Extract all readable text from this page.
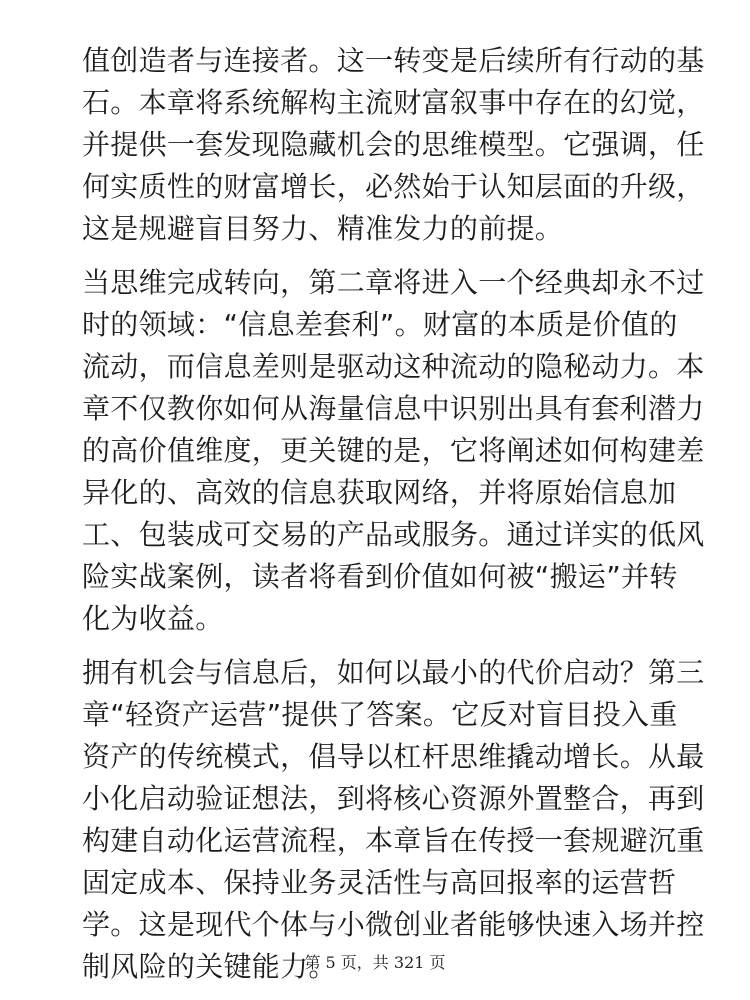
值创造者与连接者。这一转变是后续所有行动的基
石。本章将系统解构主流财富叙事中存在的幻觉，
并提供一套发现隐藏机会的思维模型。它强调，任
何实质性的财富增长，必然始于认知层面的升级，
这是规避盲目努力、精准发力的前提。

当思维完成转向，第二章将进入一个经典却永不过
时的领域：“信息差套利”。财富的本质是价值的
流动，而信息差则是驱动这种流动的隐秘动力。本
章不仅教你如何从海量信息中识别出具有套利潜力
的高价值维度，更关键的是，它将阐述如何构建差
异化的、高效的信息获取网络，并将原始信息加
工、包装成可交易的产品或服务。通过详实的低风
险实战案例，读者将看到价值如何被“搬运”并转
化为收益。

拥有机会与信息后，如何以最小的代价启动？第三
章“轻资产运营”提供了答案。它反对盲目投入重
资产的传统模式，倡导以杠杆思维撬动增长。从最
小化启动验证想法，到将核心资源外置整合，再到
构建自动化运营流程，本章旨在传授一套规避沉重
固定成本、保持业务灵活性与高回报率的运营哲
学。这是现代个体与小微创业者能够快速入场并控
制风险的关键能力。

第 5 页，共 321 页
